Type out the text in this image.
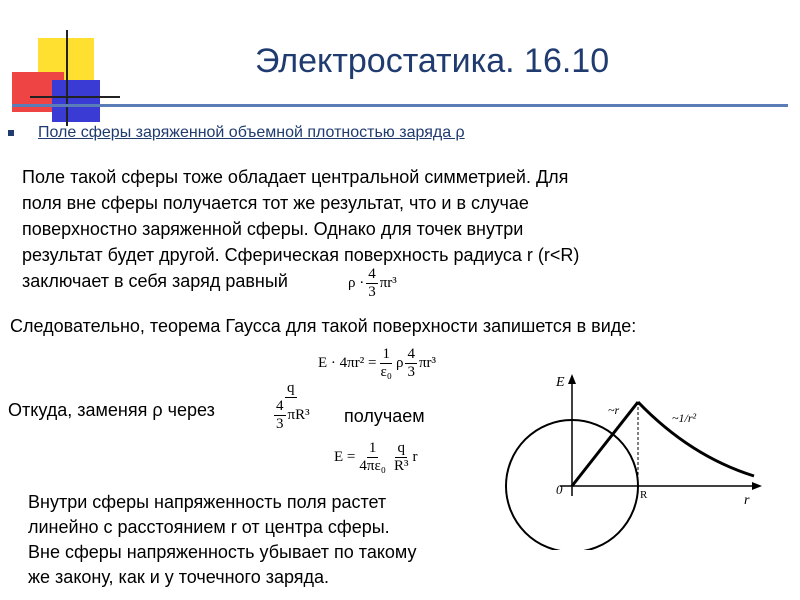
Электростатика. 16.10
Поле сферы заряженной объемной плотностью заряда ρ
Поле такой сферы тоже обладает центральной симметрией. Для
поля вне сферы получается тот же результат, что и в случае
поверхностно заряженной сферы. Однако для точек внутри
результат будет другой. Сферическая поверхность радиуса r (r<R)
заключает в себя заряд равный	$\rho \cdot \frac{4}{3} \pi r^3$
Следовательно, теорема Гаусса для такой поверхности запишется в виде:
$E \cdot 4\pi r^2 = \frac{1}{\text{ε₀}}$ ρ $\frac{4}{3} \pi r^3$
Откуда, заменяя ρ через	$\frac{q}{\frac{4}{3} \pi R^3}$ получаем
$E = \frac{1}{\text{4πε₀}} \frac{q}{\text{R³}}$ r
Внутри сферы напряженность поля растет
линейно с расстоянием r от центра сферы.
Вне сферы напряженность убывает по такому
же закону, как и у точечного заряда.
E
r
0	R
~r
~1/r²
